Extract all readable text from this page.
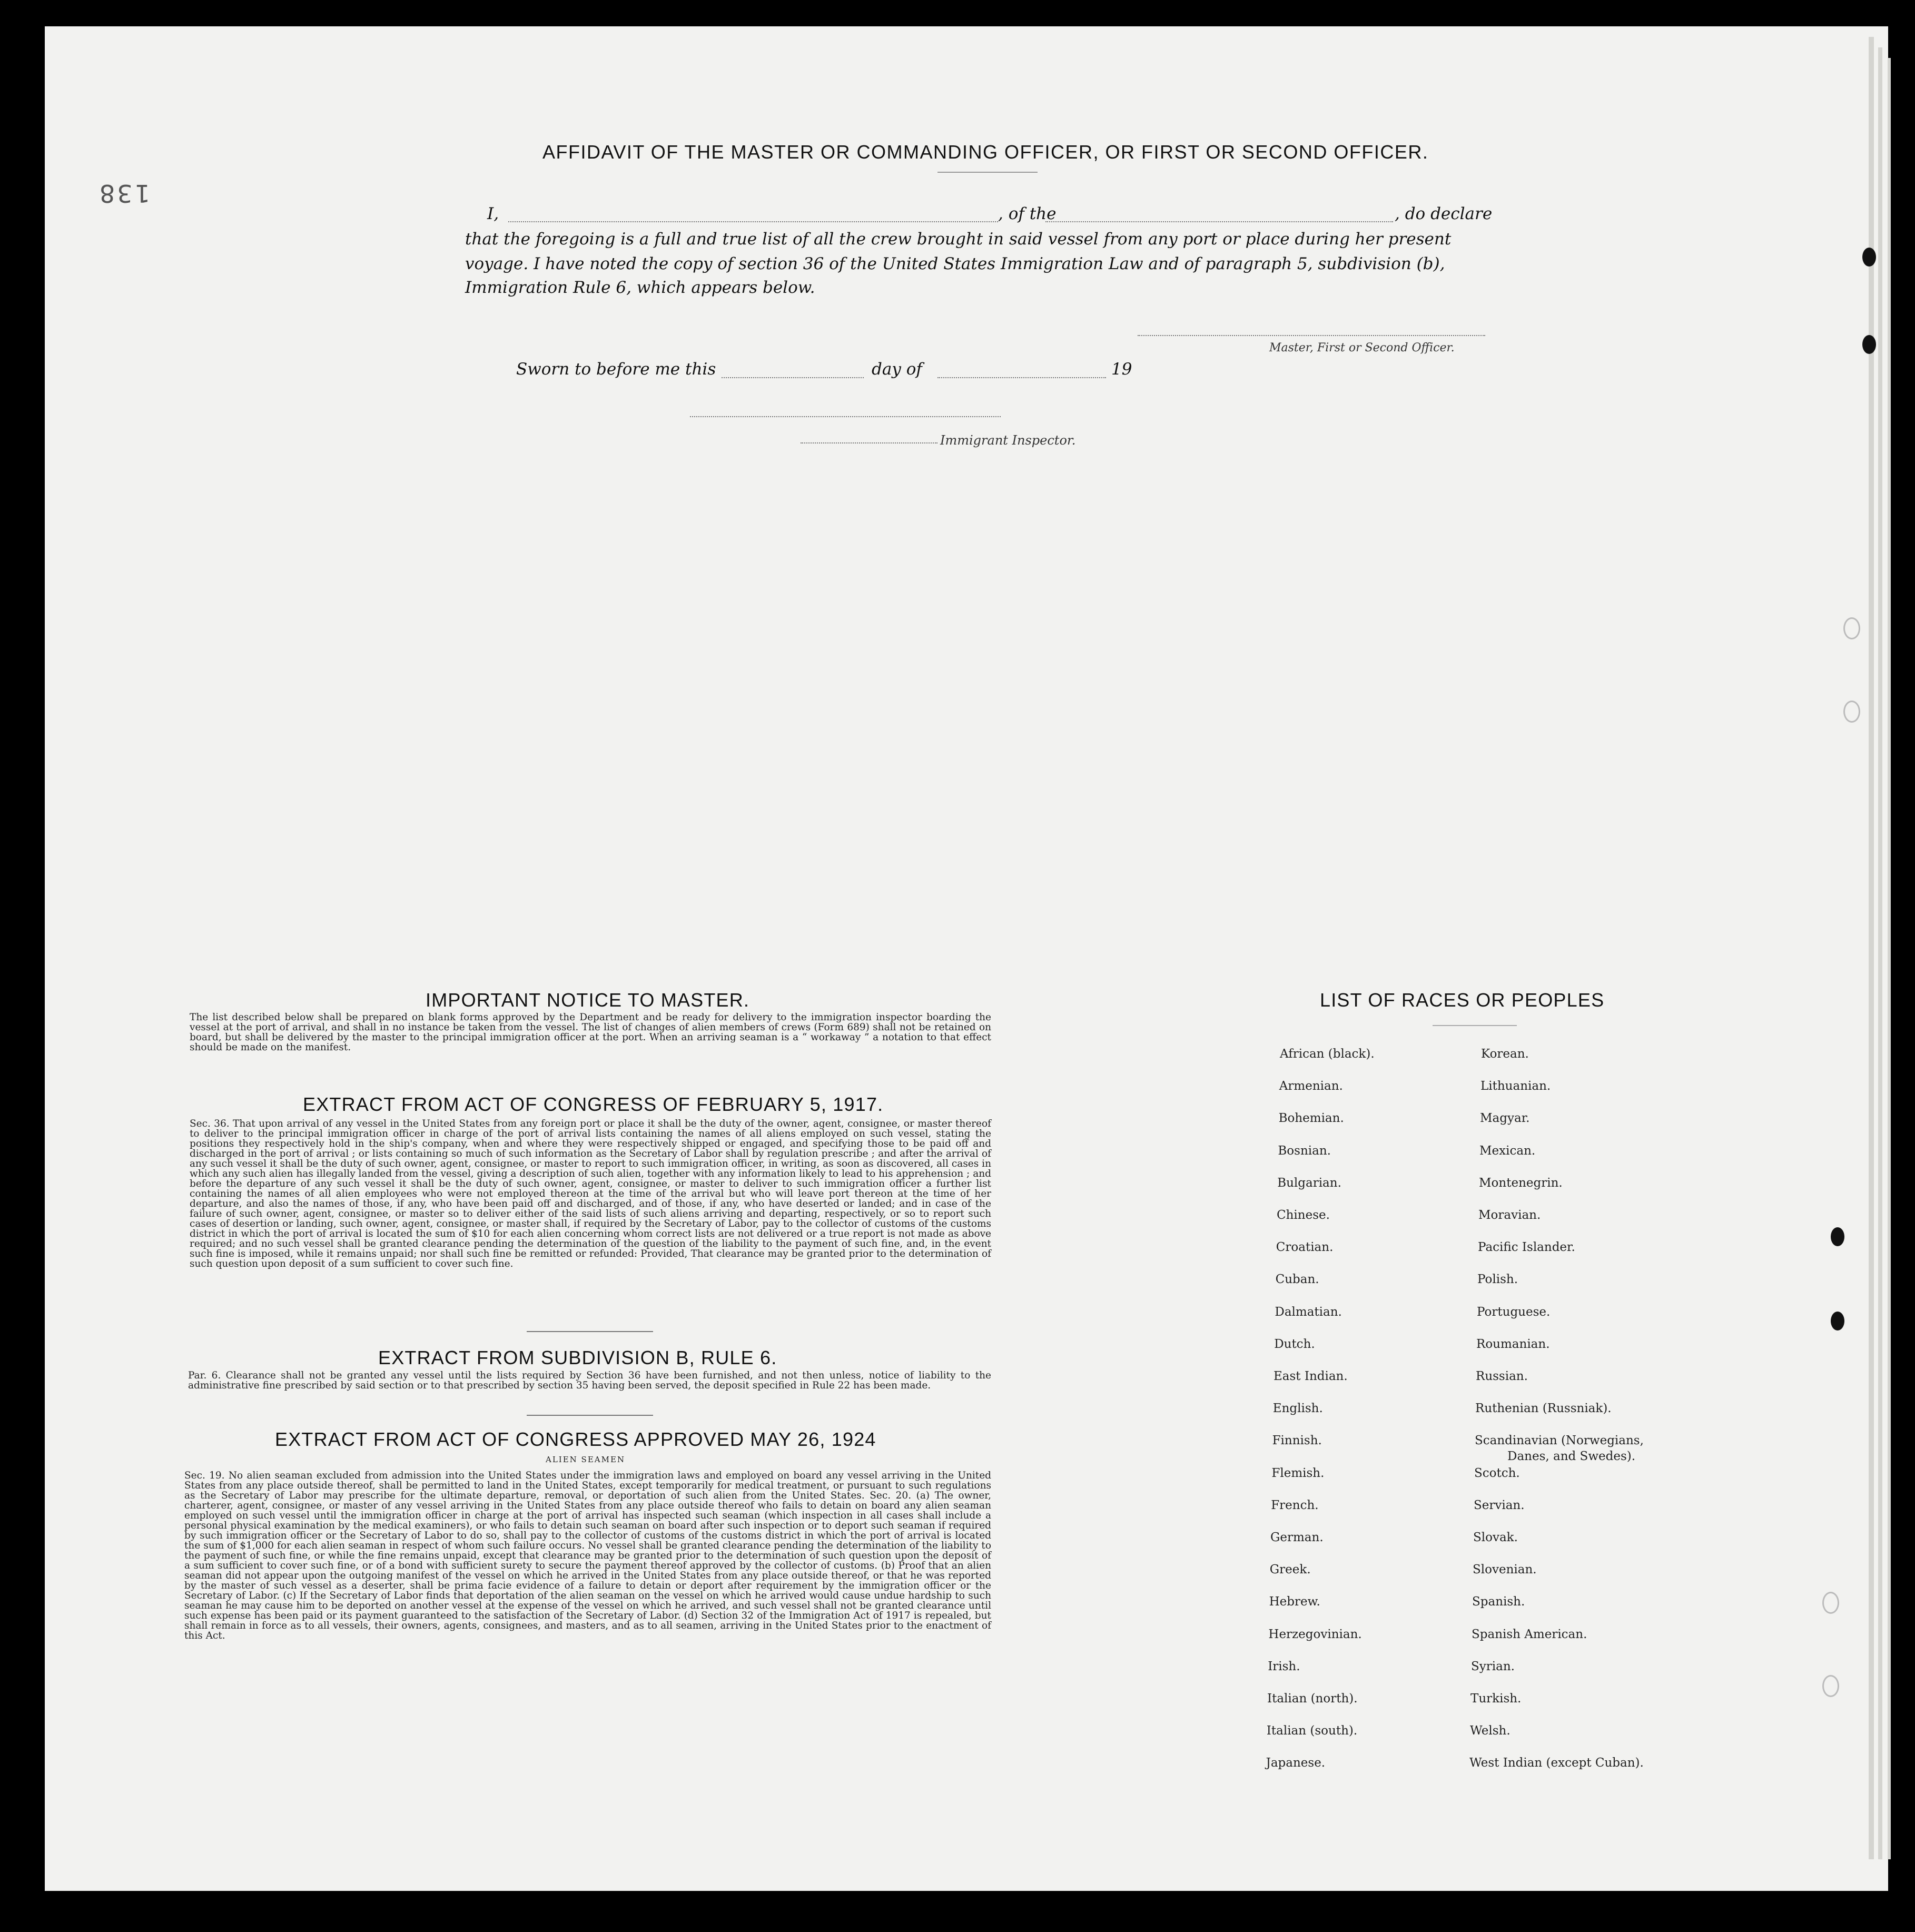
138
AFFIDAVIT OF THE MASTER OR COMMANDING OFFICER, OR FIRST OR SECOND OFFICER.
I,	, of the	, do declare
that the foregoing is a full and true list of all the crew brought in said vessel from any port or place during her present
voyage. I have noted the copy of section 36 of the United States Immigration Law and of paragraph 5, subdivision (b),
Immigration Rule 6, which appears below.
Master, First or Second Officer.
Sworn to before me this	day of	19
Immigrant Inspector.
IMPORTANT NOTICE TO MASTER.
The list described below shall be prepared on blank forms approved by the Department and be ready for delivery to the immigration inspector boarding the vessel at the port of arrival, and shall in no instance be taken from the vessel. The list of changes of alien members of crews (Form 689) shall not be retained on board, but shall be delivered by the master to the principal immigration officer at the port. When an arriving seaman is a “ workaway ” a notation to that effect should be made on the manifest.
EXTRACT FROM ACT OF CONGRESS OF FEBRUARY 5, 1917.
Sec. 36. That upon arrival of any vessel in the United States from any foreign port or place it shall be the duty of the owner, agent, consignee, or master thereof to deliver to the principal immigration officer in charge of the port of arrival lists containing the names of all aliens employed on such vessel, stating the positions they respectively hold in the ship's company, when and where they were respectively shipped or engaged, and specifying those to be paid off and discharged in the port of arrival ; or lists containing so much of such information as the Secretary of Labor shall by regulation prescribe ; and after the arrival of any such vessel it shall be the duty of such owner, agent, consignee, or master to report to such immigration officer, in writing, as soon as discovered, all cases in which any such alien has illegally landed from the vessel, giving a description of such alien, together with any information likely to lead to his apprehension ; and before the departure of any such vessel it shall be the duty of such owner, agent, consignee, or master to deliver to such immigration officer a further list containing the names of all alien employees who were not employed thereon at the time of the arrival but who will leave port thereon at the time of her departure, and also the names of those, if any, who have been paid off and discharged, and of those, if any, who have deserted or landed; and in case of the failure of such owner, agent, consignee, or master so to deliver either of the said lists of such aliens arriving and departing, respectively, or so to report such cases of desertion or landing, such owner, agent, consignee, or master shall, if required by the Secretary of Labor, pay to the collector of customs of the customs district in which the port of arrival is located the sum of $10 for each alien concerning whom correct lists are not delivered or a true report is not made as above required; and no such vessel shall be granted clearance pending the determination of the question of the liability to the payment of such fine, and, in the event such fine is imposed, while it remains unpaid; nor shall such fine be remitted or refunded: Provided, That clearance may be granted prior to the determination of such question upon deposit of a sum sufficient to cover such fine.
EXTRACT FROM SUBDIVISION B, RULE 6.
Par. 6. Clearance shall not be granted any vessel until the lists required by Section 36 have been furnished, and not then unless, notice of liability to the administrative fine prescribed by said section or to that prescribed by section 35 having been served, the deposit specified in Rule 22 has been made.
EXTRACT FROM ACT OF CONGRESS APPROVED MAY 26, 1924
ALIEN SEAMEN
Sec. 19. No alien seaman excluded from admission into the United States under the immigration laws and employed on board any vessel arriving in the United States from any place outside thereof, shall be permitted to land in the United States, except temporarily for medical treatment, or pursuant to such regulations as the Secretary of Labor may prescribe for the ultimate departure, removal, or deportation of such alien from the United States. Sec. 20. (a) The owner, charterer, agent, consignee, or master of any vessel arriving in the United States from any place outside thereof who fails to detain on board any alien seaman employed on such vessel until the immigration officer in charge at the port of arrival has inspected such seaman (which inspection in all cases shall include a personal physical examination by the medical examiners), or who fails to detain such seaman on board after such inspection or to deport such seaman if required by such immigration officer or the Secretary of Labor to do so, shall pay to the collector of customs of the customs district in which the port of arrival is located the sum of $1,000 for each alien seaman in respect of whom such failure occurs. No vessel shall be granted clearance pending the determination of the liability to the payment of such fine, or while the fine remains unpaid, except that clearance may be granted prior to the determination of such question upon the deposit of a sum sufficient to cover such fine, or of a bond with sufficient surety to secure the payment thereof approved by the collector of customs. (b) Proof that an alien seaman did not appear upon the outgoing manifest of the vessel on which he arrived in the United States from any place outside thereof, or that he was reported by the master of such vessel as a deserter, shall be prima facie evidence of a failure to detain or deport after requirement by the immigration officer or the Secretary of Labor. (c) If the Secretary of Labor finds that deportation of the alien seaman on the vessel on which he arrived would cause undue hardship to such seaman he may cause him to be deported on another vessel at the expense of the vessel on which he arrived, and such vessel shall not be granted clearance until such expense has been paid or its payment guaranteed to the satisfaction of the Secretary of Labor. (d) Section 32 of the Immigration Act of 1917 is repealed, but shall remain in force as to all vessels, their owners, agents, consignees, and masters, and as to all seamen, arriving in the United States prior to the enactment of this Act.
LIST OF RACES OR PEOPLES
African (black).
Armenian.
Bohemian.
Bosnian.
Bulgarian.
Chinese.
Croatian.
Cuban.
Dalmatian.
Dutch.
East Indian.
English.
Finnish.
Flemish.
French.
German.
Greek.
Hebrew.
Herzegovinian.
Irish.
Italian (north).
Italian (south).
Japanese.
Korean.
Lithuanian.
Magyar.
Mexican.
Montenegrin.
Moravian.
Pacific Islander.
Polish.
Portuguese.
Roumanian.
Russian.
Ruthenian (Russniak).
Scandinavian (Norwegians,
Danes, and Swedes).
Scotch.
Servian.
Slovak.
Slovenian.
Spanish.
Spanish American.
Syrian.
Turkish.
Welsh.
West Indian (except Cuban).
